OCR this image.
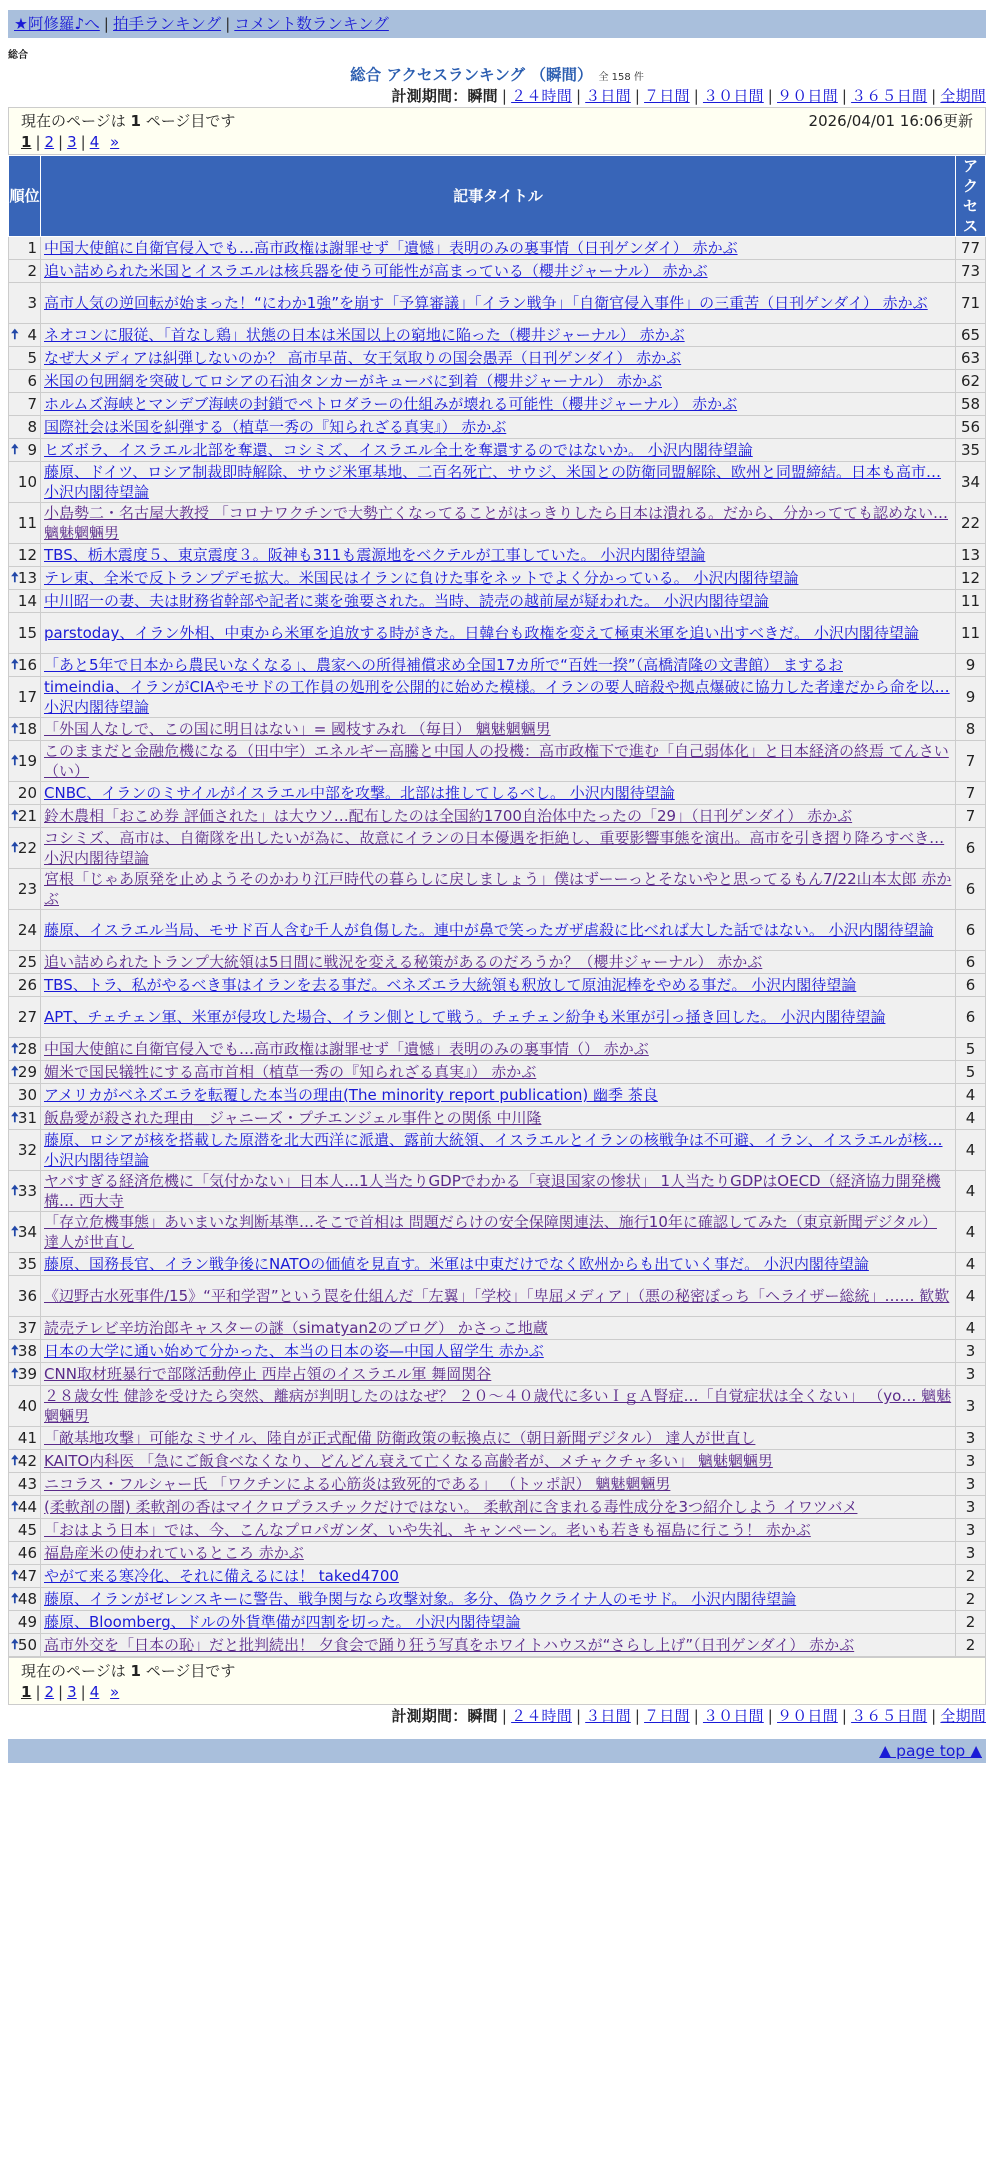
★阿修羅♪へ | 拍手ランキング | コメント数ランキング
総合
総合 アクセスランキング （瞬間） 全 158 件
計測期間：瞬間 | ２４時間 | ３日間 | ７日間 | ３０日間 | ９０日間 | ３６５日間 | 全期間
現在のページは 1 ページ目です	2026/04/01 16:06更新
1 | 2 | 3 | 4 »
順位	記事タイトル	アクセス
1	中国大使館に自衛官侵入でも…高市政権は謝罪せず「遺憾」表明のみの裏事情（日刊ゲンダイ） 赤かぶ	77
2	追い詰められた米国とイスラエルは核兵器を使う可能性が高まっている（櫻井ジャーナル） 赤かぶ	73
3	高市人気の逆回転が始まった！“にわか1強”を崩す「予算審議」「イラン戦争」「自衛官侵入事件」の三重苦（日刊ゲンダイ） 赤かぶ	71

🠅 4	ネオコンに服従、「首なし鶏」状態の日本は米国以上の窮地に陥った（櫻井ジャーナル） 赤かぶ	65
5	なぜ大メディアは糾弾しないのか？ 高市早苗、女王気取りの国会愚弄（日刊ゲンダイ） 赤かぶ	63
6	米国の包囲網を突破してロシアの石油タンカーがキューバに到着（櫻井ジャーナル） 赤かぶ	62
7	ホルムズ海峡とマンデブ海峡の封鎖でペトロダラーの仕組みが壊れる可能性（櫻井ジャーナル） 赤かぶ	58
8	国際社会は米国を糾弾する（植草一秀の『知られざる真実』） 赤かぶ	56

🠅 9	ヒズボラ、イスラエル北部を奪還、コシミズ、イスラエル全土を奪還するのではないか。 小沢内閣待望論	35
10	藤原、ドイツ、ロシア制裁即時解除、サウジ米軍基地、二百名死亡、サウジ、米国との防衛同盟解除、欧州と同盟締結。日本も高市… 小沢内閣待望論	34
11	小島勢二・名古屋大教授 「コロナワクチンで大勢亡くなってることがはっきりしたら日本は潰れる。だから、分かってても認めない… 魑魅魍魎男	22
12	TBS、栃木震度５、東京震度３。阪神も311も震源地をベクテルが工事していた。 小沢内閣待望論	13

🠅 13	テレ東、全米で反トランプデモ拡大。米国民はイランに負けた事をネットでよく分かっている。 小沢内閣待望論	12
14	中川昭一の妻、夫は財務省幹部や記者に薬を強要された。当時、読売の越前屋が疑われた。 小沢内閣待望論	11
15	parstoday、イラン外相、中東から米軍を追放する時がきた。日韓台も政権を変えて極東米軍を追い出すべきだ。 小沢内閣待望論	11

🠅 16	「あと5年で日本から農民いなくなる」、農家への所得補償求め全国17カ所で“百姓一揆”（高橋清隆の文書館） まするお	9
17	timeindia、イランがCIAやモサドの工作員の処刑を公開的に始めた模様。イランの要人暗殺や拠点爆破に協力した者達だから命を以… 小沢内閣待望論	9

🠅 18	「外国人なしで、この国に明日はない」= 國枝すみれ （毎日） 魑魅魍魎男	8

🠅 19	このままだと金融危機になる（田中宇）エネルギー高騰と中国人の投機：高市政権下で進む「自己弱体化」と日本経済の終焉 てんさい（い）	7
20	CNBC、イランのミサイルがイスラエル中部を攻撃。北部は推してしるべし。 小沢内閣待望論	7

🠅 21	鈴木農相「おこめ券 評価された」は大ウソ…配布したのは全国約1700自治体中たったの「29」（日刊ゲンダイ） 赤かぶ	7

🠅 22	コシミズ、高市は、自衛隊を出したいが為に、故意にイランの日本優遇を拒絶し、重要影響事態を演出。高市を引き摺り降ろすべき… 小沢内閣待望論	6
23	宮根「じゃあ原発を止めようそのかわり江戸時代の暮らしに戻しましょう」僕はずーーっとそないやと思ってるもん7/22山本太郎 赤かぶ	6
24	藤原、イスラエル当局、モサド百人含む千人が負傷した。連中が鼻で笑ったガザ虐殺に比べれば大した話ではない。 小沢内閣待望論	6
25	追い詰められたトランプ大統領は5日間に戦況を変える秘策があるのだろうか？（櫻井ジャーナル） 赤かぶ	6
26	TBS、トラ、私がやるべき事はイランを去る事だ。ベネズエラ大統領も釈放して原油泥棒をやめる事だ。 小沢内閣待望論	6
27	APT、チェチェン軍、米軍が侵攻した場合、イラン側として戦う。チェチェン紛争も米軍が引っ掻き回した。 小沢内閣待望論	6

🠅 28	中国大使館に自衛官侵入でも…高市政権は謝罪せず「遺憾」表明のみの裏事情（） 赤かぶ	5

🠅 29	媚米で国民犠牲にする高市首相（植草一秀の『知られざる真実』） 赤かぶ	5
30	アメリカがベネズエラを転覆した本当の理由(The minority report publication) 幽季 茶良	4

🠅 31	飯島愛が殺された理由＿ジャニーズ・プチエンジェル事件との関係 中川隆	4
32	藤原、ロシアが核を搭載した原潜を北大西洋に派遣、露前大統領、イスラエルとイランの核戦争は不可避、イラン、イスラエルが核… 小沢内閣待望論	4

🠅 33	ヤバすぎる経済危機に「気付かない」日本人…1人当たりGDPでわかる「衰退国家の惨状」 1人当たりGDPはOECD（経済協力開発機構… 西大寺	4

🠅 34	「存立危機事態」あいまいな判断基準…そこで首相は 問題だらけの安全保障関連法、施行10年に確認してみた（東京新聞デジタル） 達人が世直し	4
35	藤原、国務長官、イラン戦争後にNATOの価値を見直す。米軍は中東だけでなく欧州からも出ていく事だ。 小沢内閣待望論	4
36	《辺野古水死事件/15》“平和学習”という罠を仕組んだ「左翼」「学校」「卑屈メディア」（悪の秘密ぼっち「ヘライザー総統」…… 歓歎	4
37	読売テレビ辛坊治郎キャスターの謎（simatyan2のブログ） かさっこ地蔵	4

🠅 38	日本の大学に通い始めて分かった、本当の日本の姿—中国人留学生 赤かぶ	3

🠅 39	CNN取材班暴行で部隊活動停止 西岸占領のイスラエル軍 舞岡関谷	3
40	２８歳女性 健診を受けたら突然、離病が判明したのはなぜ？ ２０～４０歳代に多いＩｇＡ腎症…「自覚症状は全くない」 （yo… 魑魅魍魎男	3
41	「敵基地攻撃」可能なミサイル、陸自が正式配備 防衛政策の転換点に（朝日新聞デジタル） 達人が世直し	3

🠅 42	KAITO内科医 「急にご飯食べなくなり、どんどん衰えて亡くなる高齢者が、メチャクチャ多い」 魑魅魍魎男	3
43	ニコラス・フルシャー氏 「ワクチンによる心筋炎は致死的である」 （トッポ訳） 魑魅魍魎男	3

🠅 44	(柔軟剤の闇) 柔軟剤の香はマイクロプラスチックだけではない。 柔軟剤に含まれる毒性成分を3つ紹介しよう イワツバメ	3
45	「おはよう日本」では、今、こんなプロパガンダ、いや失礼、キャンペーン。老いも若きも福島に行こう！ 赤かぶ	3
46	福島産米の使われているところ 赤かぶ	3

🠅 47	やがて来る寒冷化、それに備えるには！ taked4700	2

🠅 48	藤原、イランがゼレンスキーに警告、戦争関与なら攻撃対象。多分、偽ウクライナ人のモサド。 小沢内閣待望論	2
49	藤原、Bloomberg、ドルの外貨準備が四割を切った。 小沢内閣待望論	2

🠅 50	高市外交を「日本の恥」だと批判続出！ 夕食会で踊り狂う写真をホワイトハウスが“さらし上げ”（日刊ゲンダイ） 赤かぶ	2
現在のページは 1 ページ目です
1 | 2 | 3 | 4 »
計測期間：瞬間 | ２４時間 | ３日間 | ７日間 | ３０日間 | ９０日間 | ３６５日間 | 全期間
▲ page top ▲
